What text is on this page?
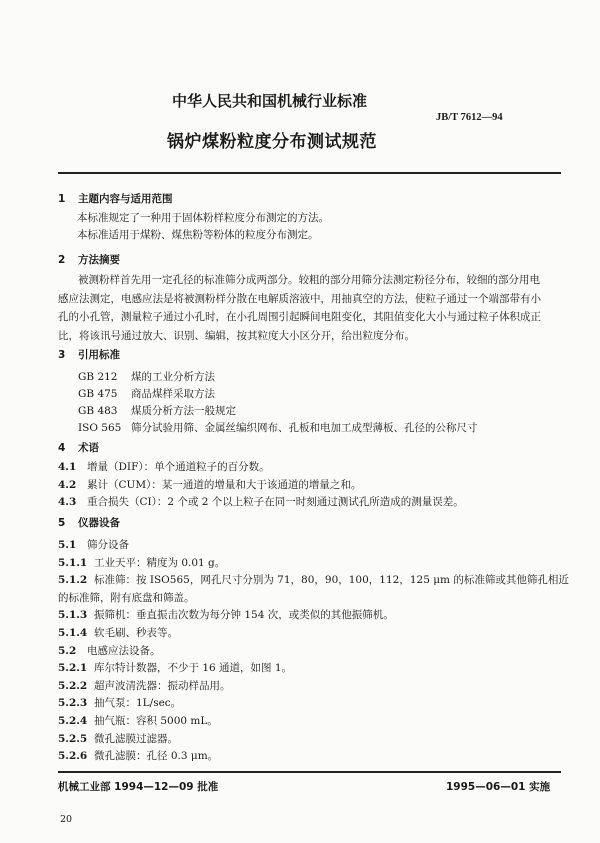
中华人民共和国机械行业标准
JB/T 7612—94
锅炉煤粉粒度分布测试规范
1 主题内容与适用范围
本标准规定了一种用于固体粉样粒度分布测定的方法。
本标准适用于煤粉、煤焦粉等粉体的粒度分布测定。
2 方法摘要
被测粉样首先用一定孔径的标准筛分成两部分。较粗的部分用筛分法测定粉径分布，较细的部分用电感应法测定，电感应法是将被测粉样分散在电解质溶液中，用抽真空的方法，使粒子通过一个端部带有小孔的小孔管，测量粒子通过小孔时，在小孔周围引起瞬间电阻变化，其阻值变化大小与通过粒子体积成正比，将该讯号通过放大、识别、编辑，按其粒度大小区分开，给出粒度分布。
3 引用标准
GB 212 煤的工业分析方法
GB 475 商品煤样采取方法
GB 483 煤质分析方法一般规定
ISO 565 筛分试验用筛、金属丝编织网布、孔板和电加工成型薄板、孔径的公称尺寸
4 术语
4.1 增量（DIF）：单个通道粒子的百分数。
4.2 累计（CUM）：某一通道的增量和大于该通道的增量之和。
4.3 重合损失（CI）：2 个或 2 个以上粒子在同一时刻通过测试孔所造成的测量误差。
5 仪器设备
5.1 筛分设备
5.1.1 工业天平：精度为 0.01 g。
5.1.2 标准筛：按 ISO565，网孔尺寸分别为 71，80，90，100，112，125 μm 的标准筛或其他筛孔相近
的标准筛，附有底盘和筛盖。
5.1.3 振筛机：垂直振击次数为每分钟 154 次，或类似的其他振筛机。
5.1.4 软毛刷、秒表等。
5.2 电感应法设备。
5.2.1 库尔特计数器，不少于 16 通道，如图 1。
5.2.2 超声波清洗器：振动样品用。
5.2.3 抽气泵：1L/sec。
5.2.4 抽气瓶：容积 5000 mL。
5.2.5 微孔滤膜过滤器。
5.2.6 微孔滤膜：孔径 0.3 μm。
机械工业部 1994—12—09 批准	1995—06—01 实施
20
